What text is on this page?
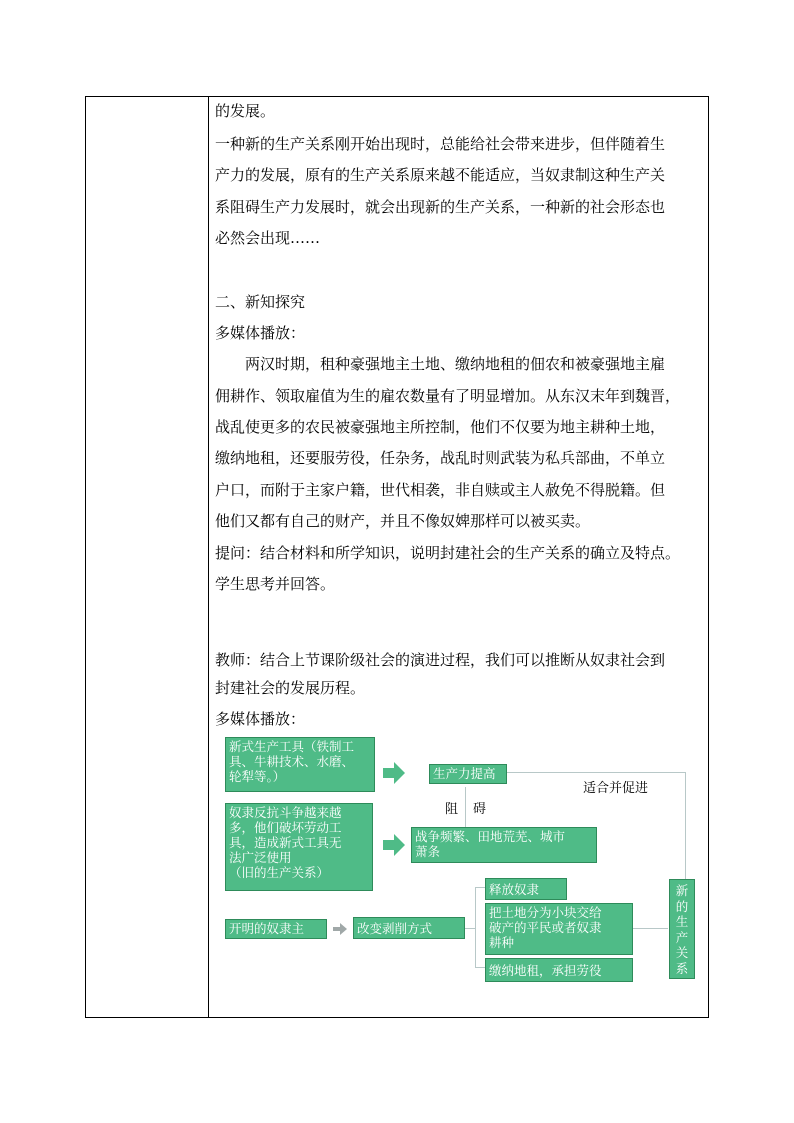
的发展。
一种新的生产关系刚开始出现时，总能给社会带来进步，但伴随着生
产力的发展，原有的生产关系原来越不能适应，当奴隶制这种生产关
系阻碍生产力发展时，就会出现新的生产关系，一种新的社会形态也
必然会出现……
二、新知探究
多媒体播放：
两汉时期，租种豪强地主土地、缴纳地租的佃农和被豪强地主雇
佣耕作、领取雇值为生的雇农数量有了明显增加。从东汉末年到魏晋，
战乱使更多的农民被豪强地主所控制，他们不仅要为地主耕种土地，
缴纳地租，还要服劳役，任杂务，战乱时则武装为私兵部曲，不单立
户口，而附于主家户籍，世代相袭，非自赎或主人赦免不得脱籍。但
他们又都有自己的财产，并且不像奴婢那样可以被买卖。
提问：结合材料和所学知识，说明封建社会的生产关系的确立及特点。
学生思考并回答。
教师：结合上节课阶级社会的演进过程，我们可以推断从奴隶社会到
封建社会的发展历程。
多媒体播放：
新式生产工具（铁制工
具、牛耕技术、水磨、
轮犁等。）	生产力提高
适合并促进
阻 碍
奴隶反抗斗争越来越
多，他们破坏劳动工
具，造成新式工具无
法广泛使用
（旧的生产关系）
战争频繁、田地荒芜、城市
萧条
开明的奴隶主	改变剥削方式
释放奴隶
把土地分为小块交给
破产的平民或者奴隶
耕种
缴纳地租，承担劳役
新的生产关系
